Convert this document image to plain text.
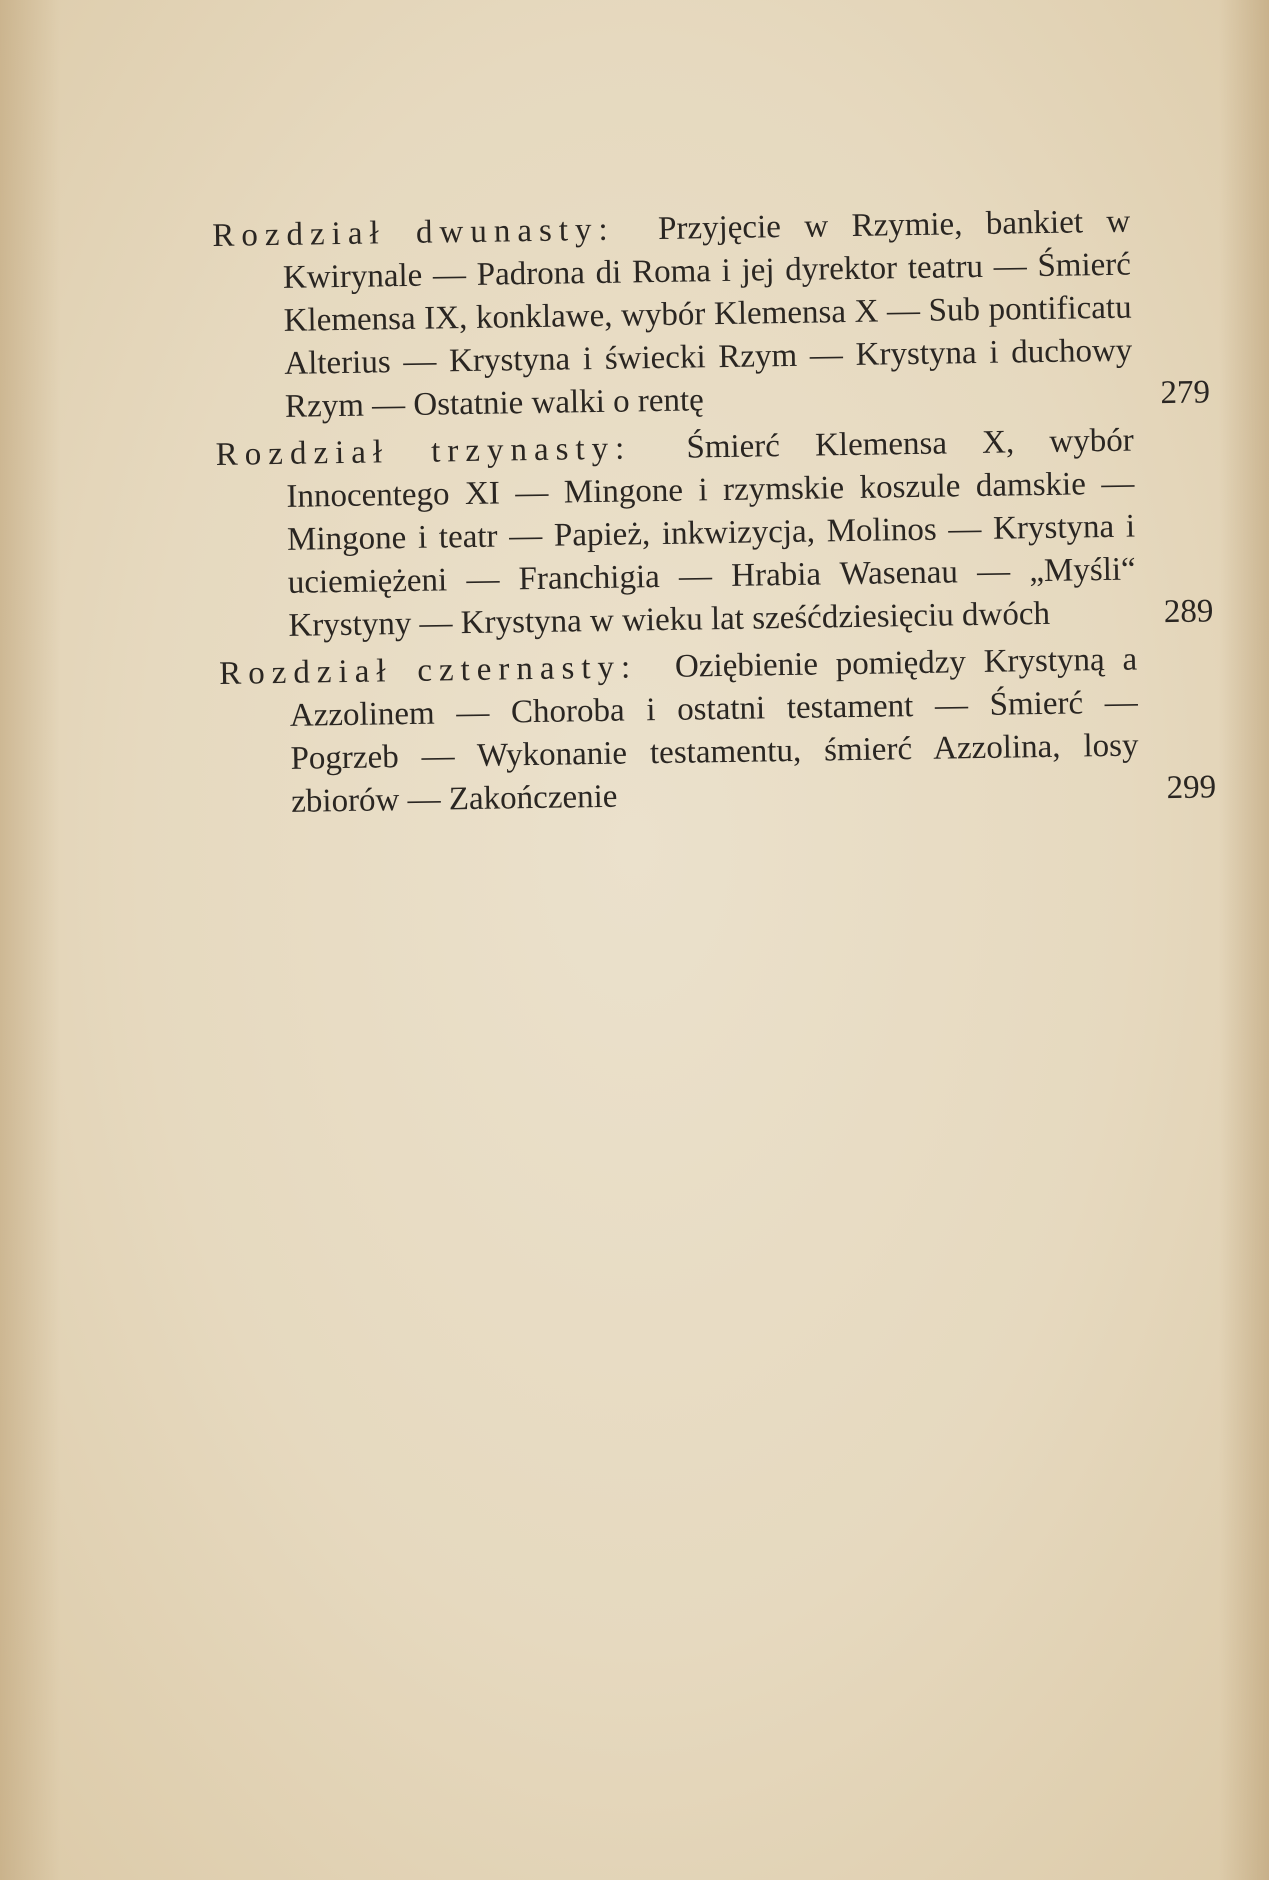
Rozdział dwunasty: Przyjęcie w Rzymie, bankiet w Kwirynale — Padrona di Roma i jej dyrektor teatru — Śmierć Klemensa IX, konklawe, wybór Klemensa X — Sub pontificatu Alterius — Krystyna i świecki Rzym — Krystyna i duchowy Rzym — Ostatnie walki o rentę	279
Rozdział trzynasty: Śmierć Klemensa X, wybór Innocentego XI — Mingone i rzymskie koszule damskie — Mingone i teatr — Papież, inkwizycja, Molinos — Krystyna i uciemiężeni — Franchigia — Hrabia Wasenau — „Myśli“ Krystyny — Krystyna w wieku lat sześćdziesięciu dwóch	289
Rozdział czternasty: Oziębienie pomiędzy Krystyną a Azzolinem — Choroba i ostatni testament — Śmierć — Pogrzeb — Wykonanie testamentu, śmierć Azzolina, losy zbiorów — Zakończenie	299
